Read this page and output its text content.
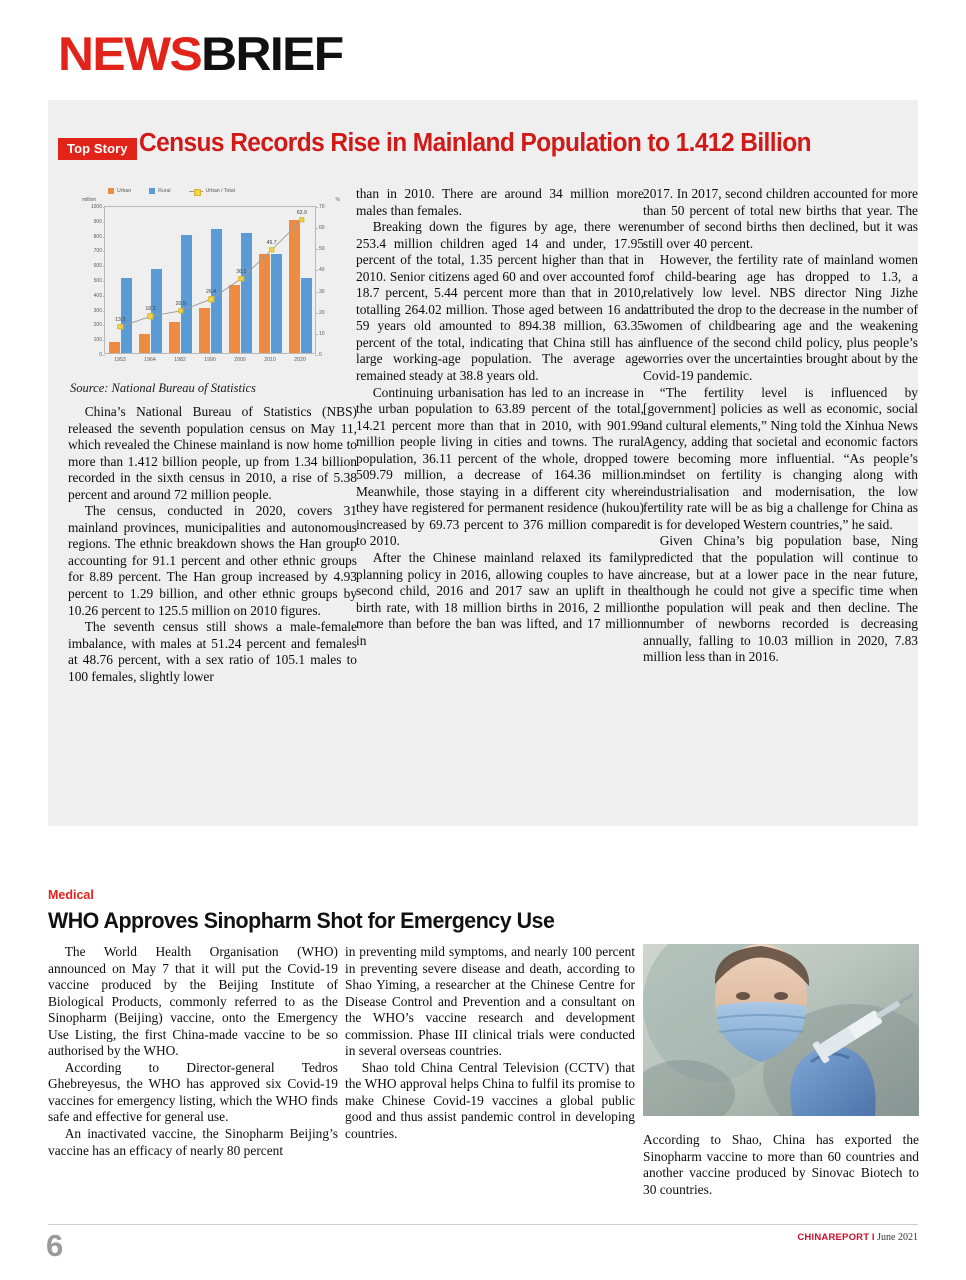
NEWSBRIEF
Top Story Census Records Rise in Mainland Population to 1.412 Billion
Urban	Rural	Urban / Total
million	%
1000
900
800
700
600
500
400
300
200
100
0
70
60
50
40
30
20
10
0
1953	1964	1982	1990	2000	2010	2020
13.3
18.3
20.9
26.4
36.1
49.7
63.9
Source: National Bureau of Statistics

China’s National Bureau of Statistics (NBS) released the seventh population census on May 11, which revealed the Chinese mainland is now home to more than 1.412 billion people, up from 1.34 billion recorded in the sixth census in 2010, a rise of 5.38 percent and around 72 million people.

The census, conducted in 2020, covers 31 mainland provinces, municipalities and autonomous regions. The ethnic breakdown shows the Han group accounting for 91.1 percent and other ethnic groups for 8.89 percent. The Han group increased by 4.93 percent to 1.29 billion, and other ethnic groups by 10.26 percent to 125.5 million on 2010 figures.

The seventh census still shows a male-female imbalance, with males at 51.24 percent and females at 48.76 percent, with a sex ratio of 105.1 males to 100 females, slightly lower

than in 2010. There are around 34 million more males than females.

Breaking down the figures by age, there were 253.4 million children aged 14 and under, 17.95 percent of the total, 1.35 percent higher than that in 2010. Senior citizens aged 60 and over accounted for 18.7 percent, 5.44 percent more than that in 2010, totalling 264.02 million. Those aged between 16 and 59 years old amounted to 894.38 million, 63.35 percent of the total, indicating that China still has a large working-age population. The average age remained steady at 38.8 years old.

Continuing urbanisation has led to an increase in the urban population to 63.89 percent of the total, 14.21 percent more than that in 2010, with 901.99 million people living in cities and towns. The rural population, 36.11 percent of the whole, dropped to 509.79 million, a decrease of 164.36 million. Meanwhile, those staying in a different city where they have registered for permanent residence (hukou) increased by 69.73 percent to 376 million compared to 2010.

After the Chinese mainland relaxed its family planning policy in 2016, allowing couples to have a second child, 2016 and 2017 saw an uplift in the birth rate, with 18 million births in 2016, 2 million more than before the ban was lifted, and 17 million in

2017. In 2017, second children accounted for more than 50 percent of total new births that year. The number of second births then declined, but it was still over 40 percent.

However, the fertility rate of mainland women of child-bearing age has dropped to 1.3, a relatively low level. NBS director Ning Jizhe attributed the drop to the decrease in the number of women of childbearing age and the weakening influence of the second child policy, plus people’s worries over the uncertainties brought about by the Covid-19 pandemic.

“The fertility level is influenced by [government] policies as well as economic, social and cultural elements,” Ning told the Xinhua News Agency, adding that societal and economic factors were becoming more influential. “As people’s mindset on fertility is changing along with industrialisation and modernisation, the low fertility rate will be as big a challenge for China as it is for developed Western countries,” he said.

Given China’s big population base, Ning predicted that the population will continue to increase, but at a lower pace in the near future, although he could not give a specific time when the population will peak and then decline. The number of newborns recorded is decreasing annually, falling to 10.03 million in 2020, 7.83 million less than in 2016.

Medical
WHO Approves Sinopharm Shot for Emergency Use

The World Health Organisation (WHO) announced on May 7 that it will put the Covid-19 vaccine produced by the Beijing Institute of Biological Products, commonly referred to as the Sinopharm (Beijing) vaccine, onto the Emergency Use Listing, the first China-made vaccine to be so authorised by the WHO.

According to Director-general Tedros Ghebreyesus, the WHO has approved six Covid-19 vaccines for emergency listing, which the WHO finds safe and effective for general use.

An inactivated vaccine, the Sinopharm Beijing’s vaccine has an efficacy of nearly 80 percent

in preventing mild symptoms, and nearly 100 percent in preventing severe disease and death, according to Shao Yiming, a researcher at the Chinese Centre for Disease Control and Prevention and a consultant on the WHO’s vaccine research and development commission. Phase III clinical trials were conducted in several overseas countries.

Shao told China Central Television (CCTV) that the WHO approval helps China to fulfil its promise to make Chinese Covid-19 vaccines a global public good and thus assist pandemic control in developing countries.	According to Shao, China has exported the Sinopharm vaccine to more than 60 countries and another vaccine produced by Sinovac Biotech to 30 countries.

6	CHINAREPORT I June 2021
